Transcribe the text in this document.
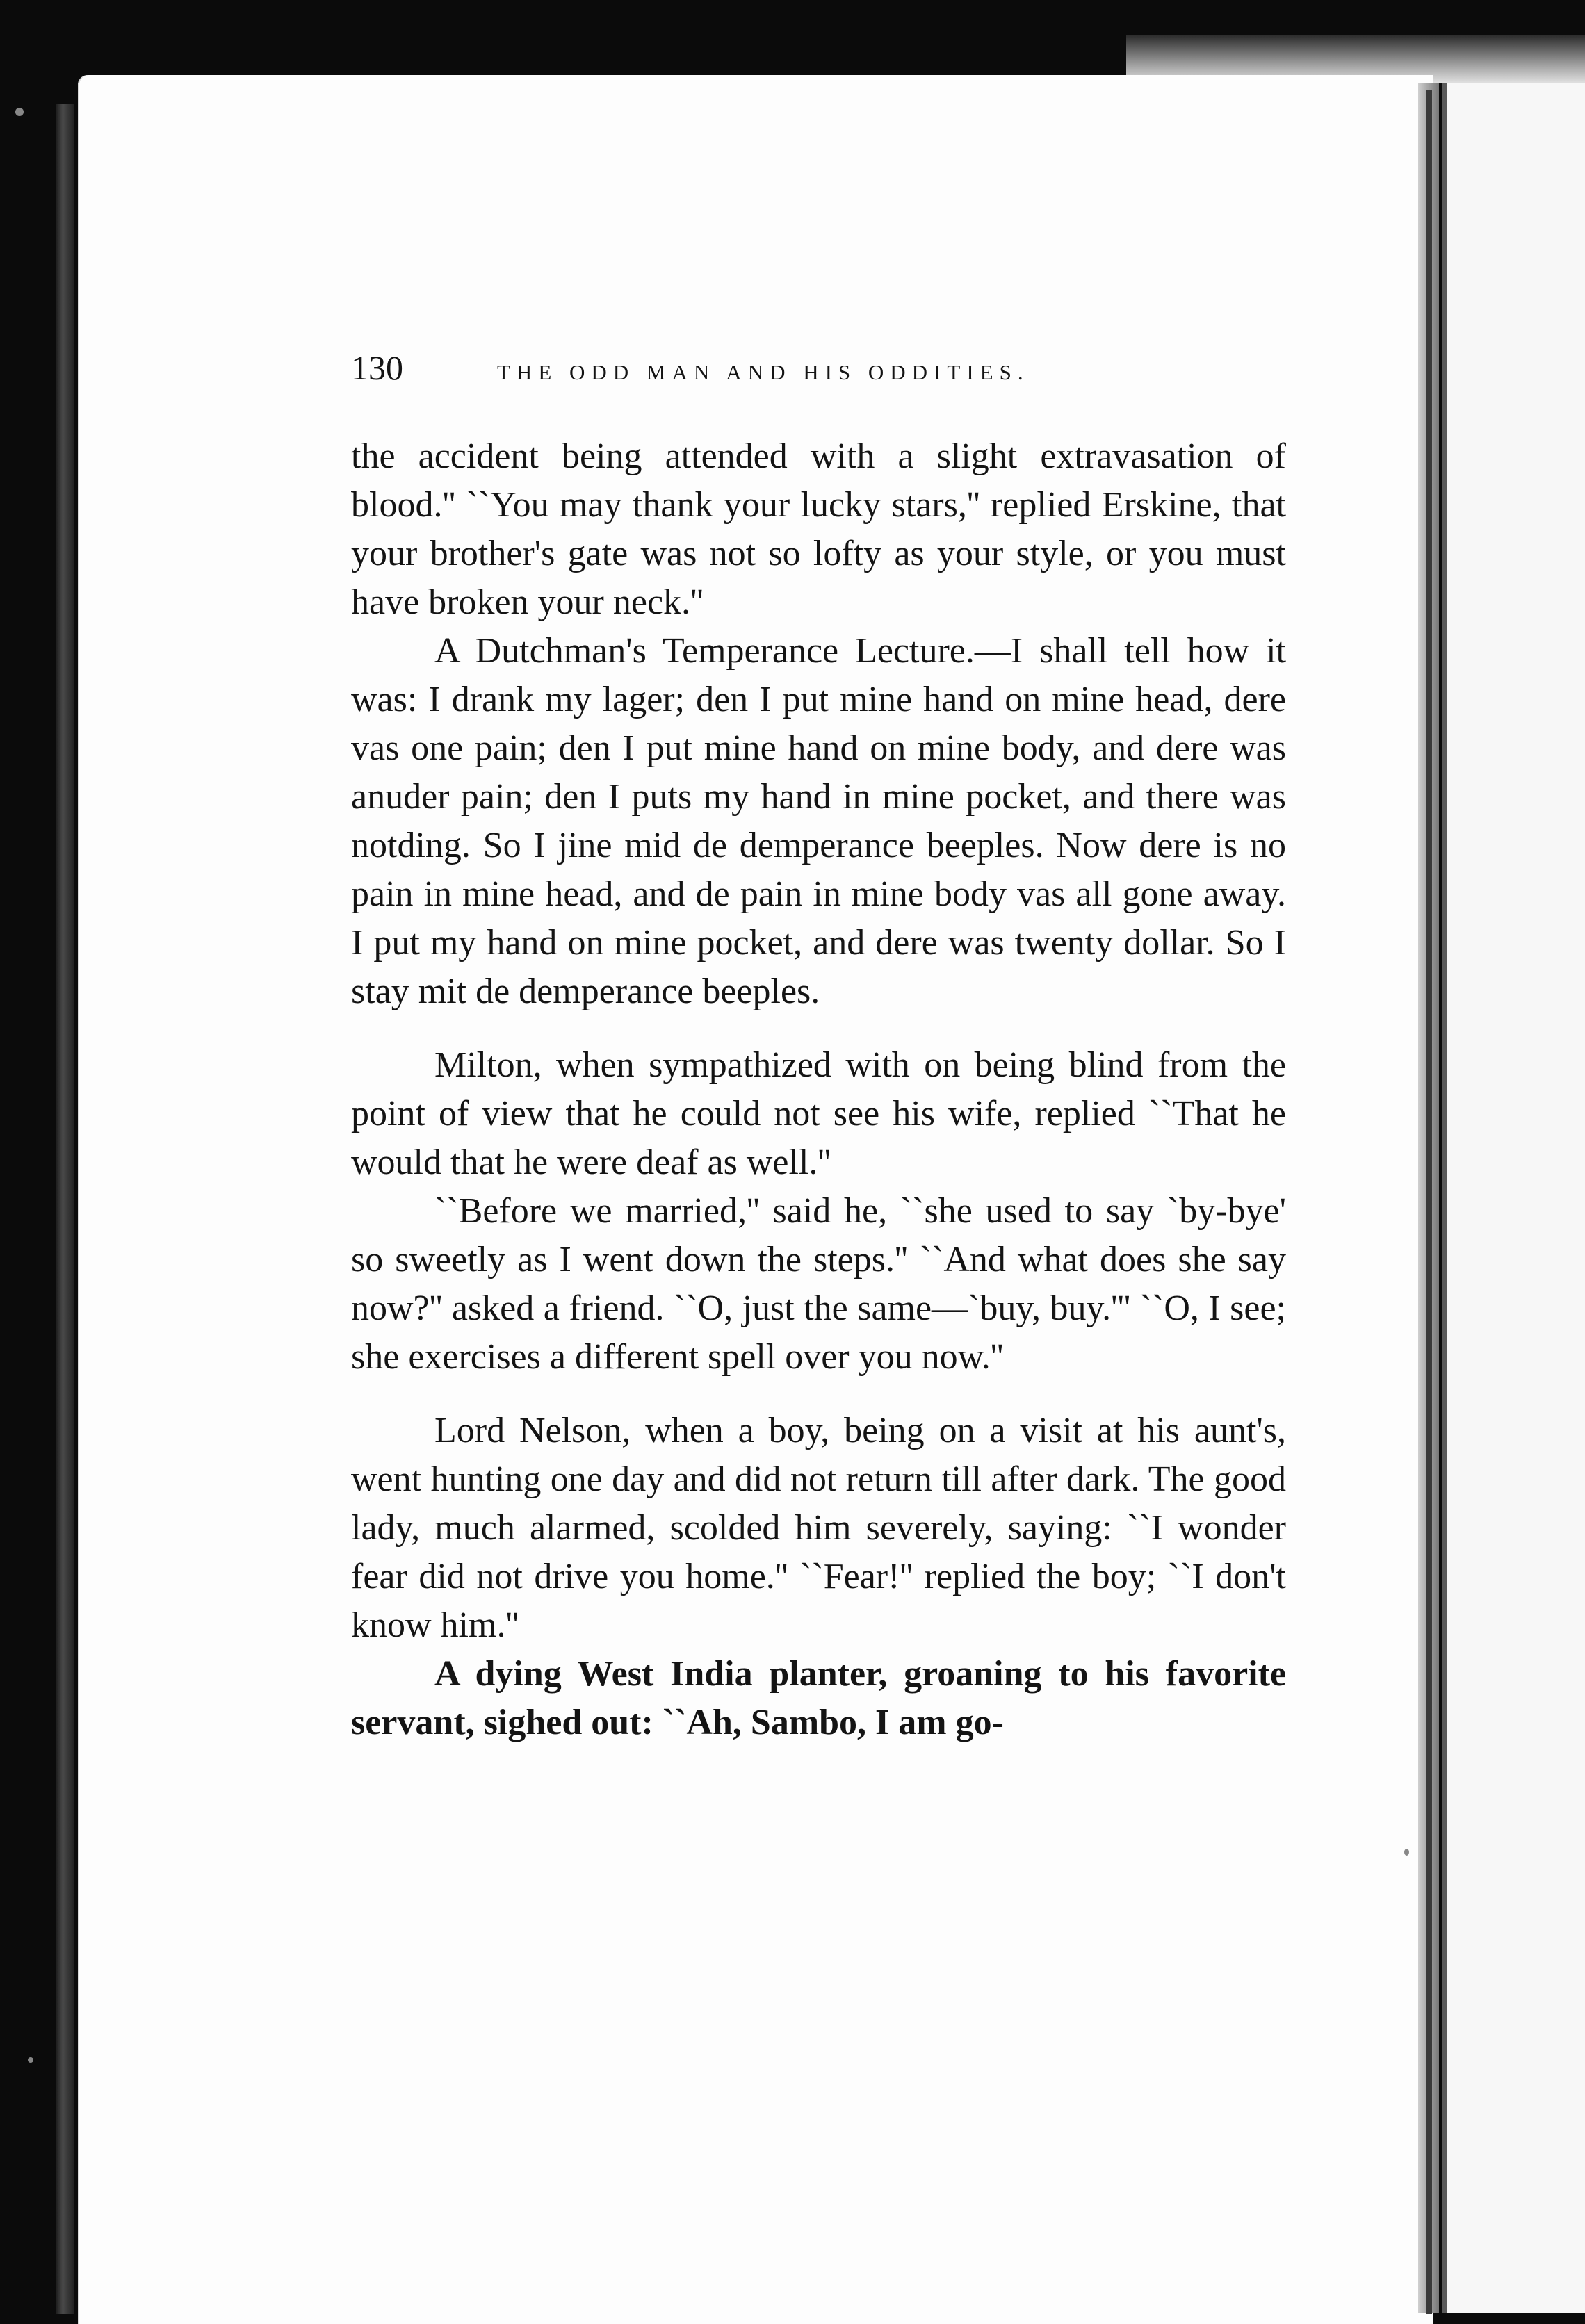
130	THE ODD MAN AND HIS ODDITIES.

the accident being attended with a slight extravasation of blood.'' ``You may thank your lucky stars,'' replied Erskine, that your brother's gate was not so lofty as your style, or you must have broken your neck.''

A Dutchman's Temperance Lecture.—I shall tell how it was: I drank my lager; den I put mine hand on mine head, dere vas one pain; den I put mine hand on mine body, and dere was anuder pain; den I puts my hand in mine pocket, and there was notding. So I jine mid de demperance beeples. Now dere is no pain in mine head, and de pain in mine body vas all gone away. I put my hand on mine pocket, and dere was twenty dollar. So I stay mit de demperance beeples.

Milton, when sympathized with on being blind from the point of view that he could not see his wife, replied ``That he would that he were deaf as well.''

``Before we married,'' said he, ``she used to say `by-bye' so sweetly as I went down the steps.'' ``And what does she say now?'' asked a friend. ``O, just the same—`buy, buy.''' ``O, I see; she exercises a different spell over you now.''

Lord Nelson, when a boy, being on a visit at his aunt's, went hunting one day and did not return till after dark. The good lady, much alarmed, scolded him severely, saying: ``I wonder fear did not drive you home.'' ``Fear!'' replied the boy; ``I don't know him.''

A dying West India planter, groaning to his favorite servant, sighed out: ``Ah, Sambo, I am go-
